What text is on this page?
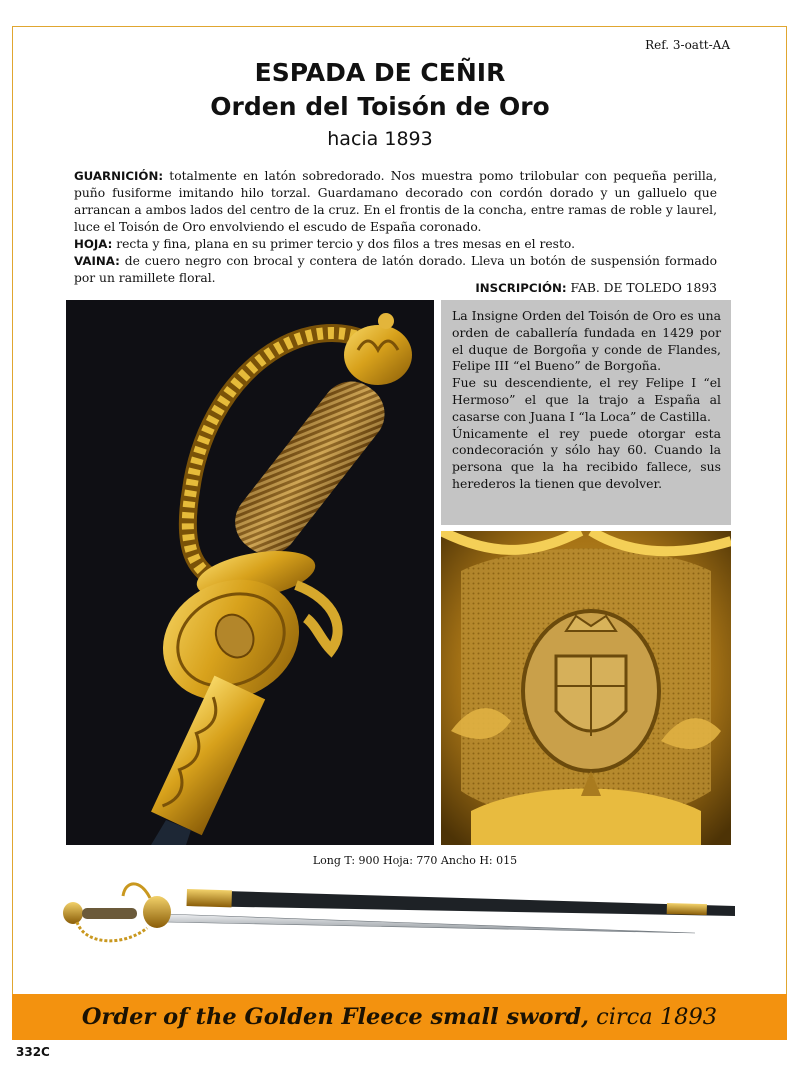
Ref. 3-oatt-AA
ESPADA DE CEÑIR
Orden del Toisón de Oro
hacia 1893

GUARNICIÓN: totalmente en latón sobredorado. Nos muestra pomo trilobular con pequeña perilla, puño fusiforme imitando hilo torzal. Guardamano decorado con cordón dorado y un galluelo que arrancan a ambos lados del centro de la cruz. En el frontis de la concha, entre ramas de roble y laurel, luce el Toisón de Oro envolviendo el escudo de España coronado.

HOJA: recta y fina, plana en su primer tercio y dos filos a tres mesas en el resto.

VAINA: de cuero negro con brocal y contera de latón dorado. Lleva un botón de suspensión formado por un ramillete floral.

INSCRIPCIÓN: FAB. DE TOLEDO 1893

La Insigne Orden del Toisón de Oro es una orden de caballería fundada en 1429 por el duque de Borgoña y conde de Flandes, Felipe III “el Bueno” de Borgoña.

Fue su descendiente, el rey Felipe I “el Hermoso” el que la trajo a España al casarse con Juana I “la Loca” de Castilla.

Únicamente el rey puede otorgar esta condecoración y sólo hay 60. Cuando la persona que la ha recibido fallece, sus herederos la tienen que devolver.

Long T: 900 Hoja: 770 Ancho H: 015
Order of the Golden Fleece small sword, circa 1893
332C
